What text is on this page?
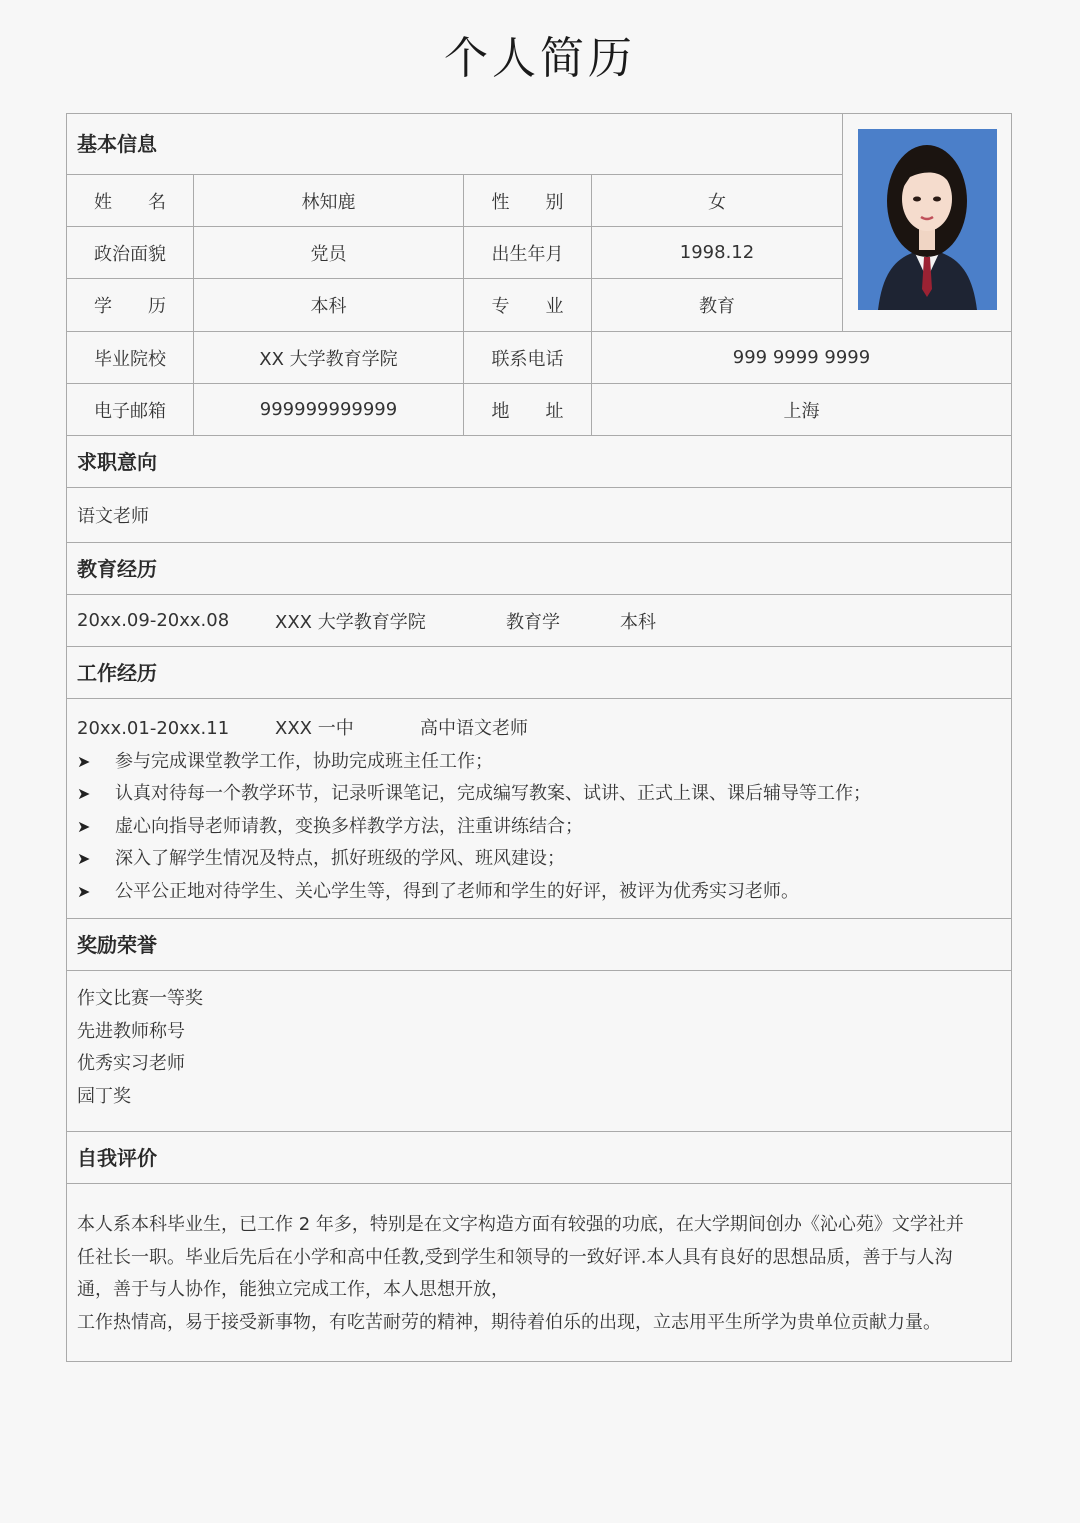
个人简历
基本信息
姓　　名	林知鹿	性　　别	女
政治面貌	党员	出生年月	1998.12
学　　历	本科	专　　业	教育
毕业院校	XX 大学教育学院	联系电话	999 9999 9999
电子邮箱	999999999999	地　　址	上海
求职意向
语文老师
教育经历
20xx.09-20xx.08	XXX 大学教育学院	教育学	本科
工作经历
20xx.01-20xx.11	XXX 一中	高中语文老师
➤	参与完成课堂教学工作，协助完成班主任工作；
➤	认真对待每一个教学环节，记录听课笔记，完成编写教案、试讲、正式上课、课后辅导等工作；
➤	虚心向指导老师请教，变换多样教学方法，注重讲练结合；
➤	深入了解学生情况及特点，抓好班级的学风、班风建设；
➤	公平公正地对待学生、关心学生等，得到了老师和学生的好评，被评为优秀实习老师。
奖励荣誉
作文比赛一等奖
先进教师称号
优秀实习老师
园丁奖
自我评价
本人系本科毕业生，已工作 2 年多，特别是在文字构造方面有较强的功底，在大学期间创办《沁心苑》文学社并
任社长一职。毕业后先后在小学和高中任教,受到学生和领导的一致好评.本人具有良好的思想品质，善于与人沟
通，善于与人协作，能独立完成工作，本人思想开放，
工作热情高，易于接受新事物，有吃苦耐劳的精神，期待着伯乐的出现，立志用平生所学为贵单位贡献力量。
